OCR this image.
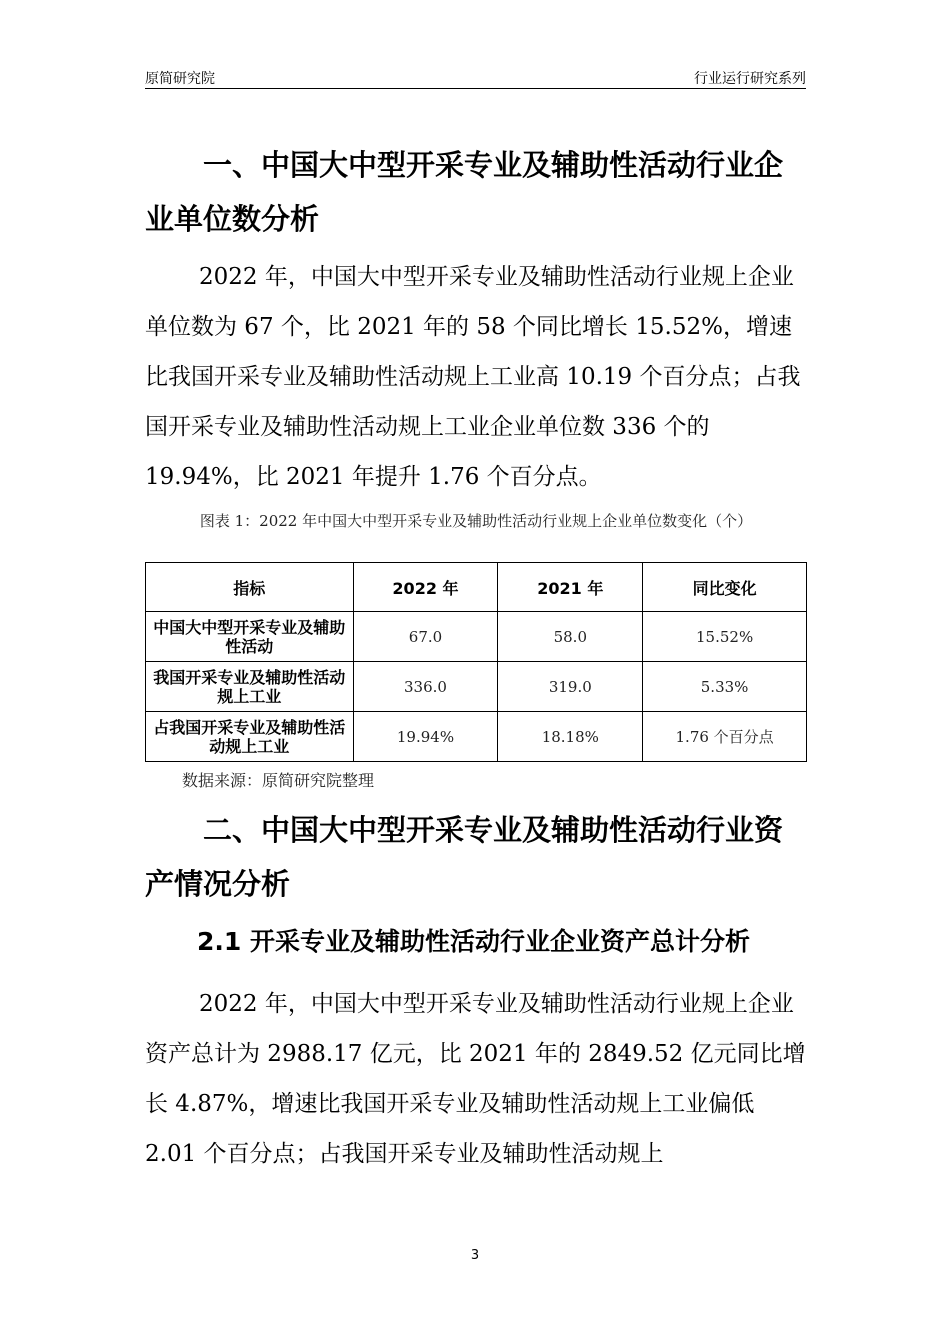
原简研究院	行业运行研究系列
一、中国大中型开采专业及辅助性活动行业企业单位数分析

2022 年，中国大中型开采专业及辅助性活动行业规上企业单位数为 67 个，比 2021 年的 58 个同比增长 15.52%，增速比我国开采专业及辅助性活动规上工业高 10.19 个百分点；占我国开采专业及辅助性活动规上工业企业单位数 336 个的 19.94%，比 2021 年提升 1.76 个百分点。

图表 1：2022 年中国大中型开采专业及辅助性活动行业规上企业单位数变化（个）
指标	2022 年	2021 年	同比变化
中国大中型开采专业及辅助性活动	67.0	58.0	15.52%
我国开采专业及辅助性活动规上工业	336.0	319.0	5.33%
占我国开采专业及辅助性活动规上工业	19.94%	18.18%	1.76 个百分点
数据来源：原简研究院整理
二、中国大中型开采专业及辅助性活动行业资产情况分析
2.1 开采专业及辅助性活动行业企业资产总计分析

2022 年，中国大中型开采专业及辅助性活动行业规上企业资产总计为 2988.17 亿元，比 2021 年的 2849.52 亿元同比增长 4.87%，增速比我国开采专业及辅助性活动规上工业偏低 2.01 个百分点；占我国开采专业及辅助性活动规上

3
